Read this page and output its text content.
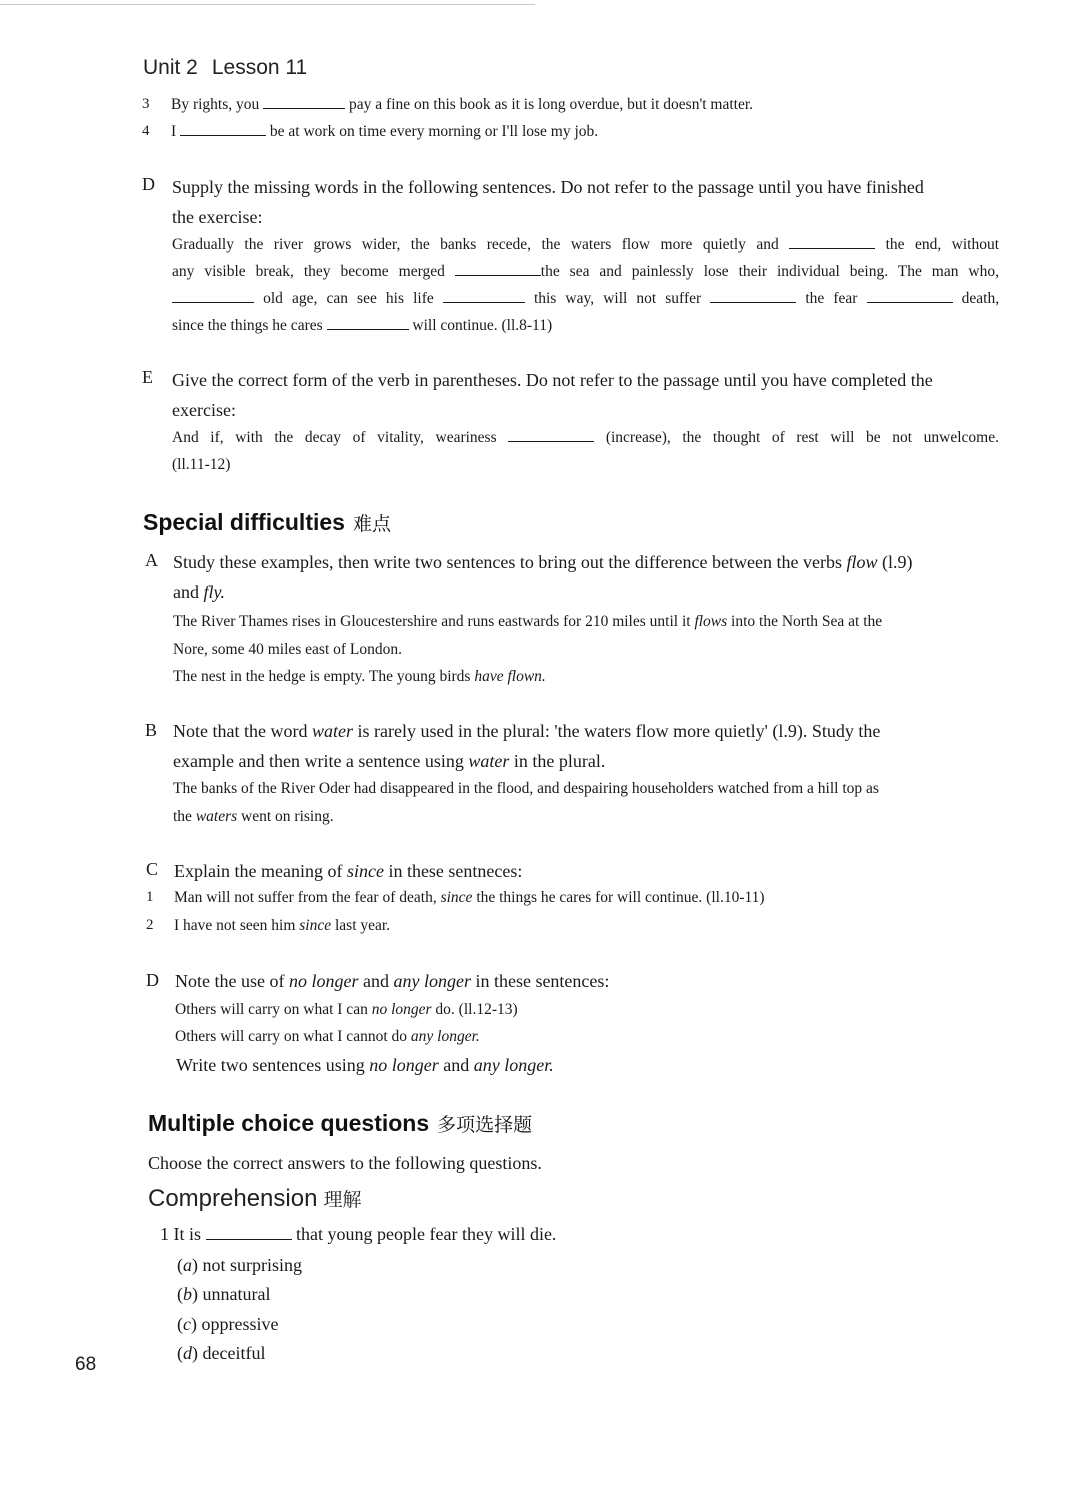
Unit 2 Lesson 11
3 By rights, you	pay a fine on this book as it is long overdue, but it doesn't matter.
4 I	be at work on time every morning or I'll lose my job.
D Supply the missing words in the following sentences. Do not refer to the passage until you have finished
the exercise:
Gradually the river grows wider, the banks recede, the waters flow more quietly and	the end, without
any visible break, they become merged	the sea and painlessly lose their individual being. The man who,
old age, can see his life	this way, will not suffer	the fear	death,
since the things he cares	will continue. (ll.8-11)
E Give the correct form of the verb in parentheses. Do not refer to the passage until you have completed the
exercise:
And if, with the decay of vitality, weariness	(increase), the thought of rest will be not unwelcome.
(ll.11-12)
Special difficulties 难点
A Study these examples, then write two sentences to bring out the difference between the verbs flow (l.9)
and fly.
The River Thames rises in Gloucestershire and runs eastwards for 210 miles until it flows into the North Sea at the
Nore, some 40 miles east of London.
The nest in the hedge is empty. The young birds have flown.
B Note that the word water is rarely used in the plural: 'the waters flow more quietly' (l.9). Study the
example and then write a sentence using water in the plural.
The banks of the River Oder had disappeared in the flood, and despairing householders watched from a hill top as
the waters went on rising.
C Explain the meaning of since in these sentneces:
1 Man will not suffer from the fear of death, since the things he cares for will continue. (ll.10-11)
2 I have not seen him since last year.
D Note the use of no longer and any longer in these sentences:
Others will carry on what I can no longer do. (ll.12-13)
Others will carry on what I cannot do any longer.
Write two sentences using no longer and any longer.
Multiple choice questions 多项选择题
Choose the correct answers to the following questions.
Comprehension 理解
1 It is	that young people fear they will die.
(a) not surprising
(b) unnatural
(c) oppressive
(d) deceitful
68
